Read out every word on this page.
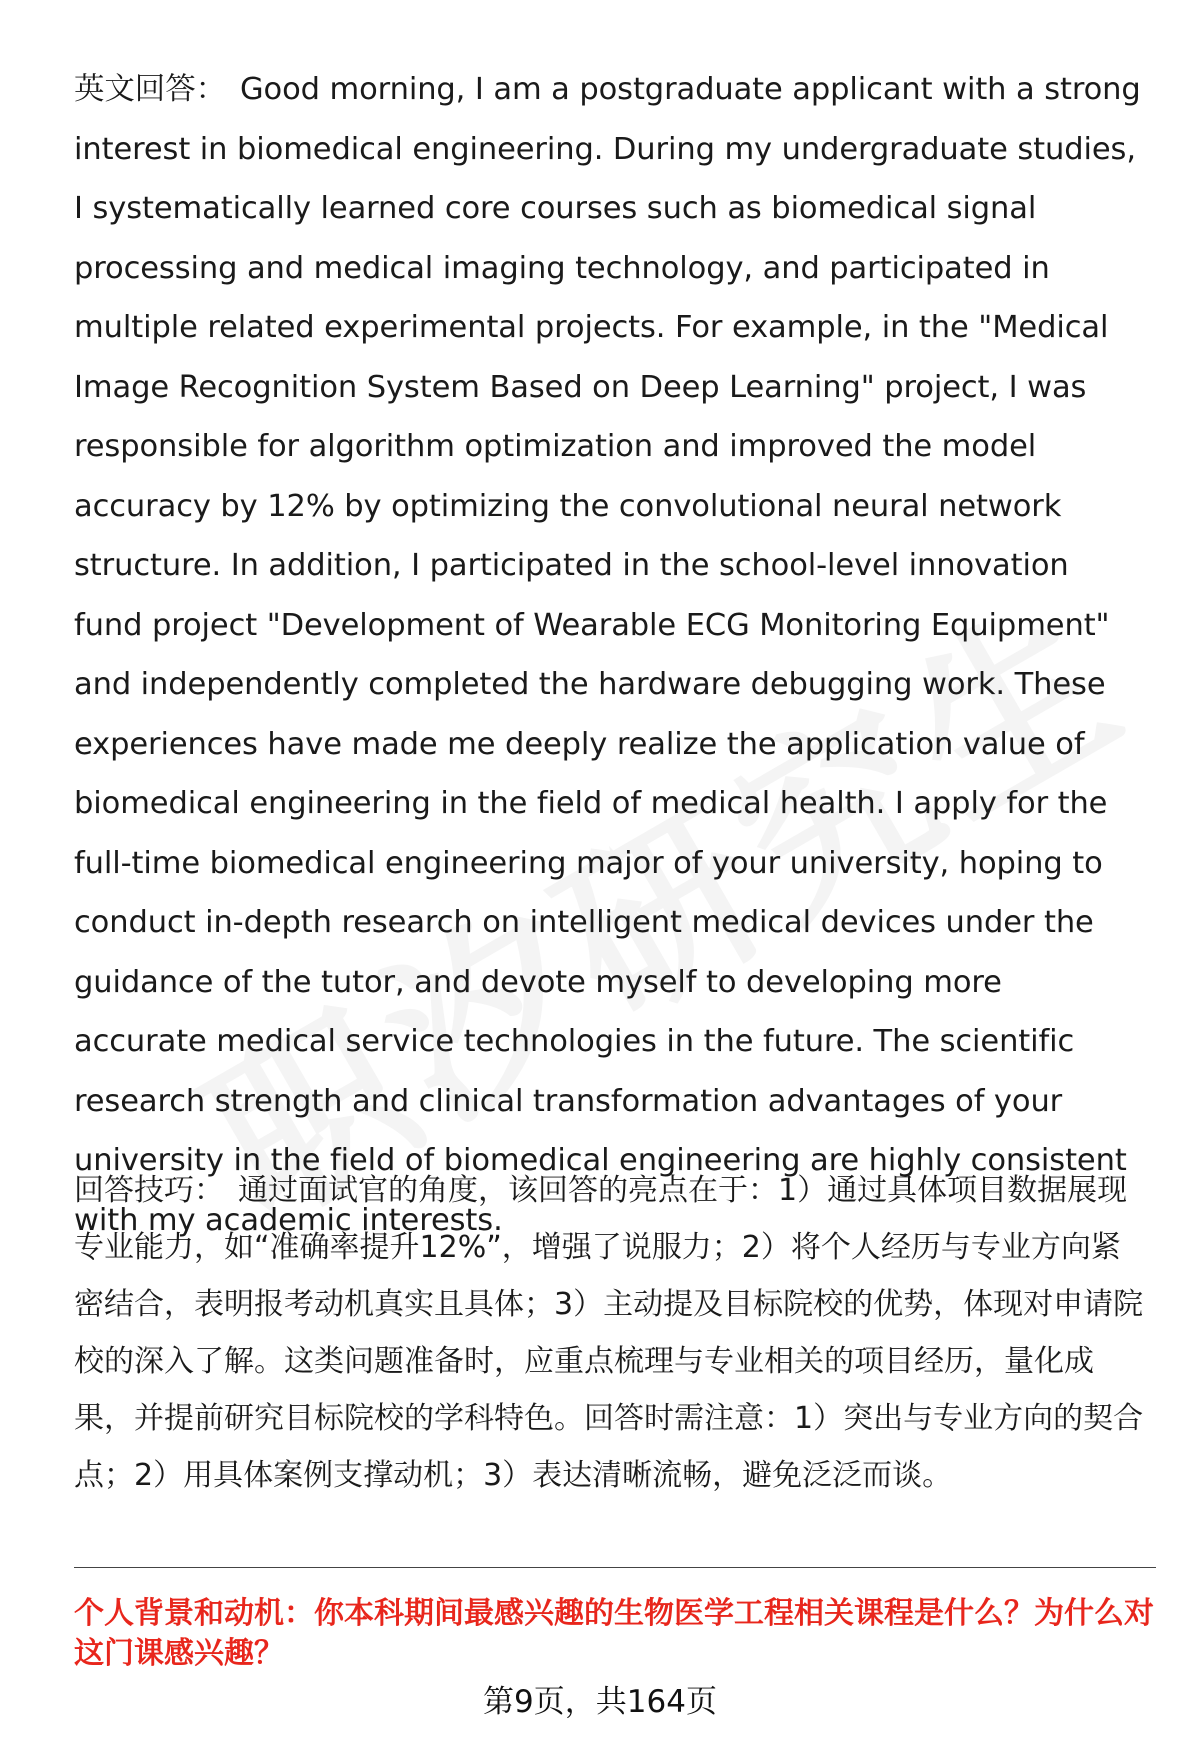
英文回答： Good morning, I am a postgraduate applicant with a strong interest in biomedical engineering. During my undergraduate studies, I systematically learned core courses such as biomedical signal processing and medical imaging technology, and participated in multiple related experimental projects. For example, in the "Medical Image Recognition System Based on Deep Learning" project, I was responsible for algorithm optimization and improved the model accuracy by 12% by optimizing the convolutional neural network structure. In addition, I participated in the school-level innovation fund project "Development of Wearable ECG Monitoring Equipment" and independently completed the hardware debugging work. These experiences have made me deeply realize the application value of biomedical engineering in the field of medical health. I apply for the full-time biomedical engineering major of your university, hoping to conduct in-depth research on intelligent medical devices under the guidance of the tutor, and devote myself to developing more accurate medical service technologies in the future. The scientific research strength and clinical transformation advantages of your university in the field of biomedical engineering are highly consistent with my academic interests.

回答技巧： 通过面试官的角度，该回答的亮点在于：1）通过具体项目数据展现专业能力，如“准确率提升12%”，增强了说服力；2）将个人经历与专业方向紧密结合，表明报考动机真实且具体；3）主动提及目标院校的优势，体现对申请院校的深入了解。这类问题准备时，应重点梳理与专业相关的项目经历，量化成果，并提前研究目标院校的学科特色。回答时需注意：1）突出与专业方向的契合点；2）用具体案例支撑动机；3）表达清晰流畅，避免泛泛而谈。

个人背景和动机：你本科期间最感兴趣的生物医学工程相关课程是什么？为什么对这门课感兴趣？

第9页，共164页
